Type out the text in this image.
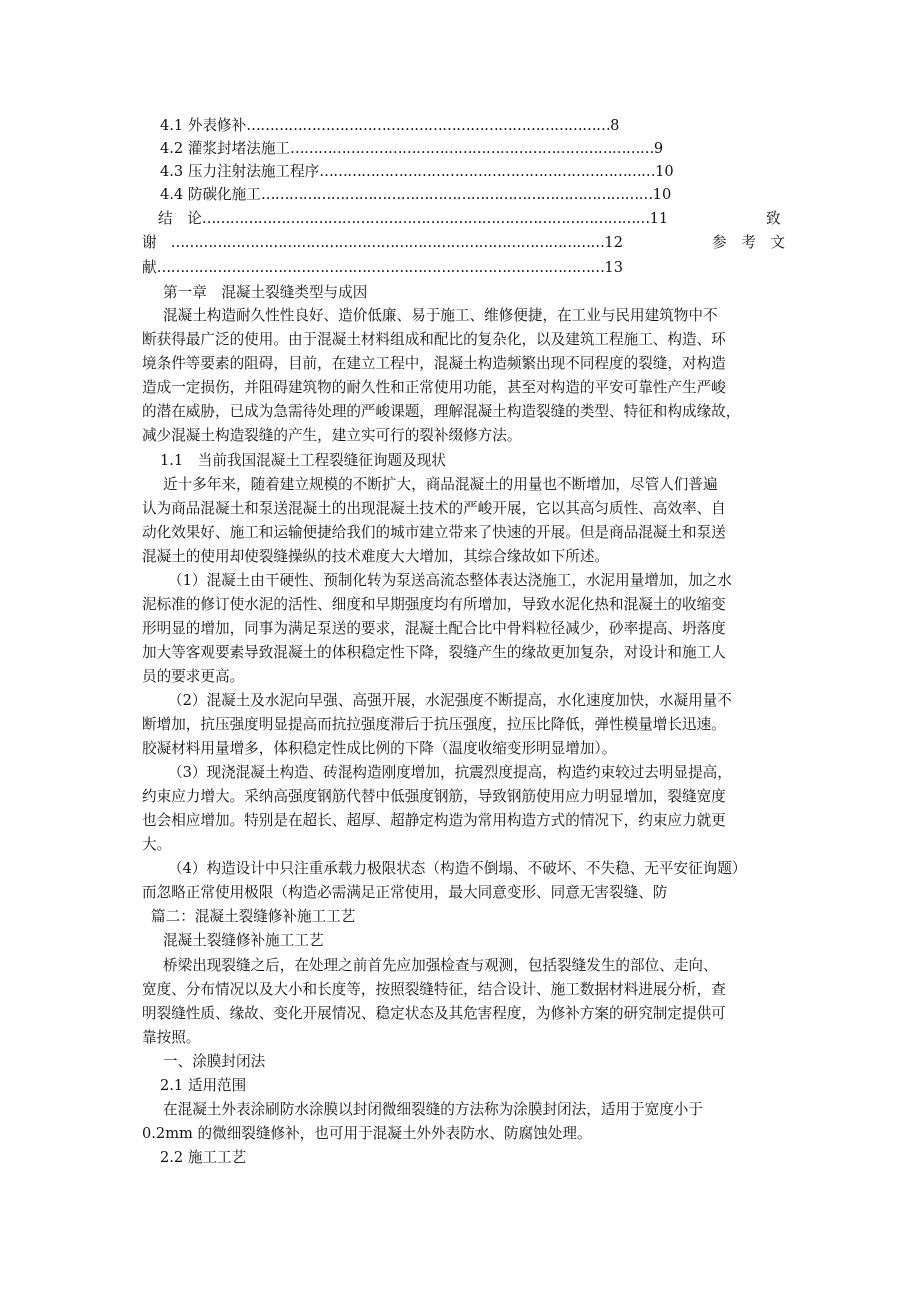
4.1 外表修补……………………………………………………………………8
4.2 灌浆封堵法施工……………………………………………………………………9
4.3 压力注射法施工程序………………………………………………………………10
4.4 防碳化施工…………………………………………………………………………10
结　论……………………………………………………………………………………11	致
谢　…………………………………………………………………………………12	参　考　文
献……………………………………………………………………………………13
第一章　混凝土裂缝类型与成因
混凝土构造耐久性性良好、造价低廉、易于施工、维修便捷，在工业与民用建筑物中不
断获得最广泛的使用。由于混凝土材料组成和配比的复杂化，以及建筑工程施工、构造、环
境条件等要素的阻碍，目前，在建立工程中，混凝土构造频繁出现不同程度的裂缝，对构造
造成一定损伤，并阻碍建筑物的耐久性和正常使用功能，甚至对构造的平安可靠性产生严峻
的潜在威胁，已成为急需待处理的严峻课题，理解混凝土构造裂缝的类型、特征和构成缘故，
减少混凝土构造裂缝的产生，建立实可行的裂补缀修方法。
1.1　当前我国混凝土工程裂缝征询题及现状
近十多年来，随着建立规模的不断扩大，商品混凝土的用量也不断增加，尽管人们普遍
认为商品混凝土和泵送混凝土的出现混凝土技术的严峻开展，它以其高匀质性、高效率、自
动化效果好、施工和运输便捷给我们的城市建立带来了快速的开展。但是商品混凝土和泵送
混凝土的使用却使裂缝操纵的技术难度大大增加，其综合缘故如下所述。
（1）混凝土由干硬性、预制化转为泵送高流态整体表达浇施工，水泥用量增加，加之水
泥标准的修订使水泥的活性、细度和早期强度均有所增加，导致水泥化热和混凝土的收缩变
形明显的增加，同事为满足泵送的要求，混凝土配合比中骨料粒径减少，砂率提高、坍落度
加大等客观要素导致混凝土的体积稳定性下降，裂缝产生的缘故更加复杂，对设计和施工人
员的要求更高。
（2）混凝土及水泥向早强、高强开展，水泥强度不断提高，水化速度加快，水凝用量不
断增加，抗压强度明显提高而抗拉强度滞后于抗压强度，拉压比降低，弹性模量增长迅速。
胶凝材料用量增多，体积稳定性成比例的下降（温度收缩变形明显增加）。
（3）现浇混凝土构造、砖混构造刚度增加，抗震烈度提高，构造约束较过去明显提高，
约束应力增大。采纳高强度钢筋代替中低强度钢筋，导致钢筋使用应力明显增加，裂缝宽度
也会相应增加。特别是在超长、超厚、超静定构造为常用构造方式的情况下，约束应力就更
大。
（4）构造设计中只注重承载力极限状态（构造不倒塌、不破坏、不失稳、无平安征询题）
而忽略正常使用极限（构造必需满足正常使用，最大同意变形、同意无害裂缝、防
篇二：混凝土裂缝修补施工工艺
混凝土裂缝修补施工工艺
桥梁出现裂缝之后，在处理之前首先应加强检查与观测，包括裂缝发生的部位、走向、
宽度、分布情况以及大小和长度等，按照裂缝特征，结合设计、施工数据材料进展分析，查
明裂缝性质、缘故、变化开展情况、稳定状态及其危害程度，为修补方案的研究制定提供可
靠按照。
一、涂膜封闭法
2.1 适用范围
在混凝土外表涂刷防水涂膜以封闭微细裂缝的方法称为涂膜封闭法，适用于宽度小于
0.2mm 的微细裂缝修补，也可用于混凝土外外表防水、防腐蚀处理。
2.2 施工工艺
